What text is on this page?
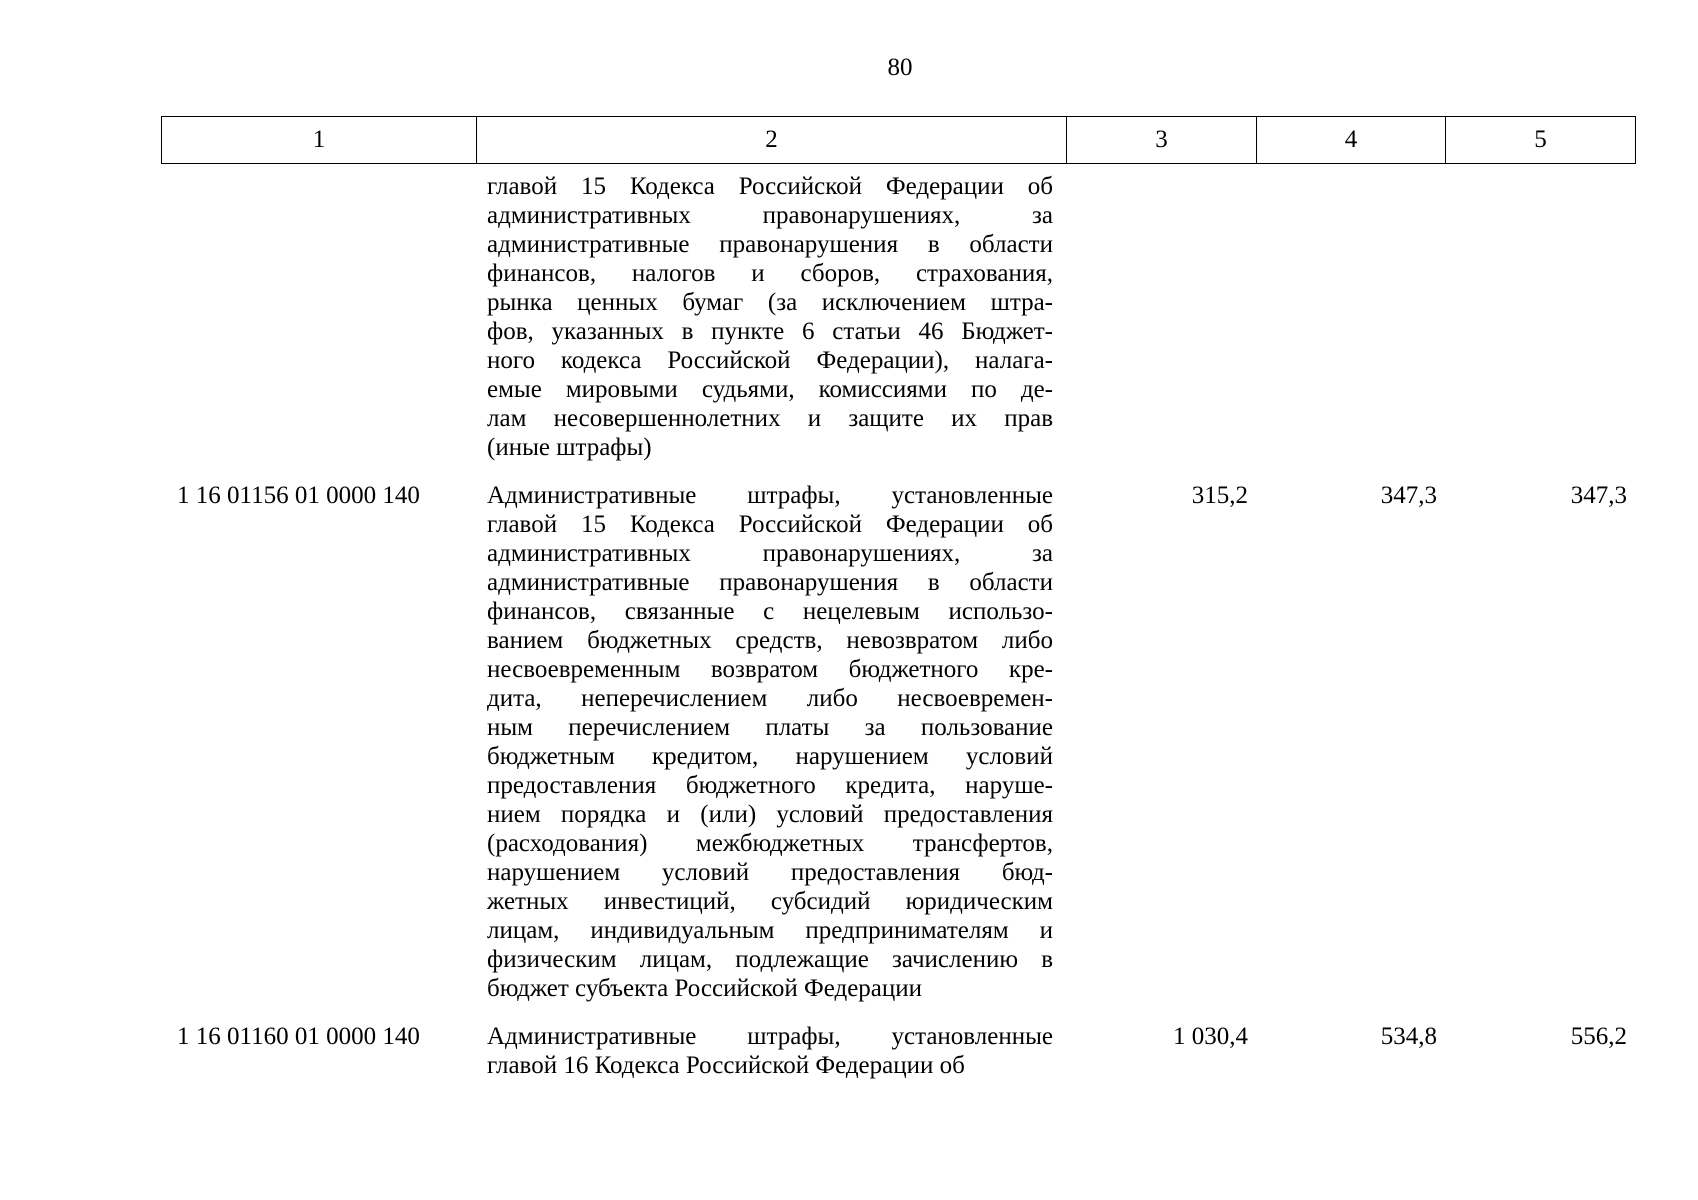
80
1	2	3	4	5
главой 15 Кодекса Российской Федерации об
административных правонарушениях, за
административные правонарушения в области
финансов, налогов и сборов, страхования,
рынка ценных бумаг (за исключением штра-
фов, указанных в пункте 6 статьи 46 Бюджет-
ного кодекса Российской Федерации), налага-
емые мировыми судьями, комиссиями по де-
лам несовершеннолетних и защите их прав
(иные штрафы)
1 16 01156 01 0000 140	Административные штрафы, установленные
главой 15 Кодекса Российской Федерации об
административных правонарушениях, за
административные правонарушения в области
финансов, связанные с нецелевым использо-
ванием бюджетных средств, невозвратом либо
несвоевременным возвратом бюджетного кре-
дита, неперечислением либо несвоевремен-
ным перечислением платы за пользование
бюджетным кредитом, нарушением условий
предоставления бюджетного кредита, наруше-
нием порядка и (или) условий предоставления
(расходования) межбюджетных трансфертов,
нарушением условий предоставления бюд-
жетных инвестиций, субсидий юридическим
лицам, индивидуальным предпринимателям и
физическим лицам, подлежащие зачислению в
бюджет субъекта Российской Федерации
315,2	347,3	347,3
1 16 01160 01 0000 140	Административные штрафы, установленные
главой 16 Кодекса Российской Федерации об
1 030,4	534,8	556,2
